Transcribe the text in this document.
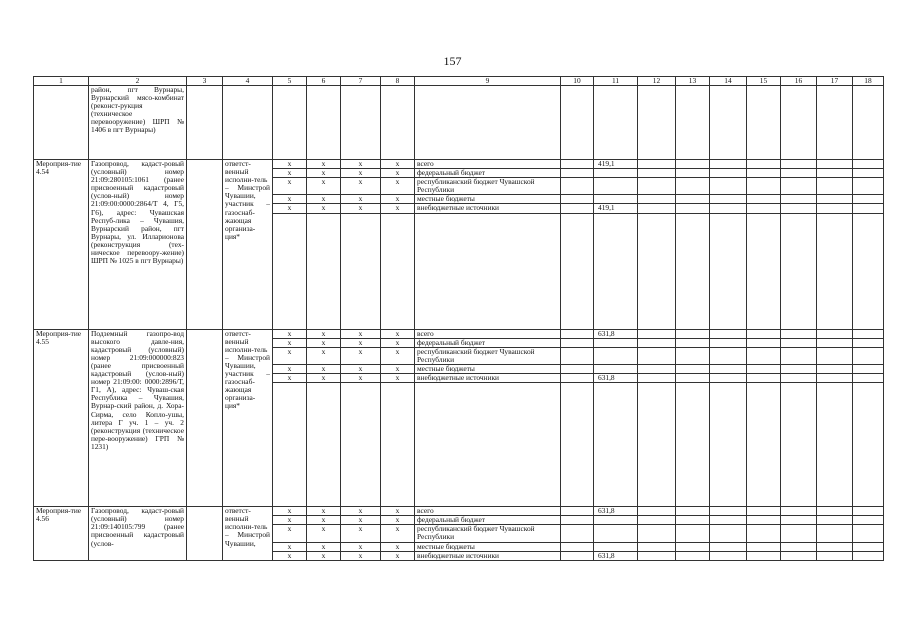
157
1	2	3	4	5	6	7	8	9	10	11	12	13	14	15	16	17	18
	район, пгт Вурнары, Вурнарский мясо-комбинат (реконст-рукция (техническое перевооружение) ШРП № 1406 в пгт Вурнары)																
Мероприя-тие 4.54	Газопровод, кадаст-ровый (условный) номер 21:09:280105:1061 (ранее присвоенный кадастровый (услов-ный) номер 21:09:00:0000:2864/Т 4, Г5, Г6), адрес: Чувашская Респуб-лика – Чувашия, Вурнарский район, пгт Вурнары, ул. Илларионова (реконструкция (тех-ническое перевоору-жение) ШРП № 1025 в пгт Вурнары)		ответст-венный исполни-тель – Минстрой Чувашии, участник – газоснаб-жающая организа-ция*	x	x	x	x	всего		419,1							
				x	x	x	x	федеральный бюджет									
				x	x	x	x	республиканский бюджет Чувашской Республики									
				x	x	x	x	местные бюджеты									
				x	x	x	x	внебюджетные источники		419,1							

Мероприя-тие 4.55	Подземный газопро-вод высокого давле-ния, кадастровый (условный) номер 21:09:000000:823 (ранее присвоенный кадастровый (услов-ный) номер 21:09:00: 0000:2896/Т, Г1, А), адрес: Чуваш-ская Республика – Чувашия, Вурнар-ский район, д. Хора-Сирма, село Копло-ушы, литера Г уч. 1 – уч. 2 (реконструкция (техническое пере-вооружение) ГРП № 1231)		ответст-венный исполни-тель – Минстрой Чувашии, участник – газоснаб-жающая организа-ция*	x	x	x	x	всего		631,8							
				x	x	x	x	федеральный бюджет									
				x	x	x	x	республиканский бюджет Чувашской Республики									
				x	x	x	x	местные бюджеты									
				x	x	x	x	внебюджетные источники		631,8							

Мероприя-тие 4.56	Газопровод, кадаст-ровый (условный) номер 21:09:140105:799 (ранее присвоенный кадастровый (услов-		ответст-венный исполни-тель – Минстрой Чувашии,	x	x	x	x	всего		631,8							
				x	x	x	x	федеральный бюджет									
				x	x	x	x	республиканский бюджет Чувашской Республики									
				x	x	x	x	местные бюджеты									
				x	x	x	x	внебюджетные источники		631,8							
